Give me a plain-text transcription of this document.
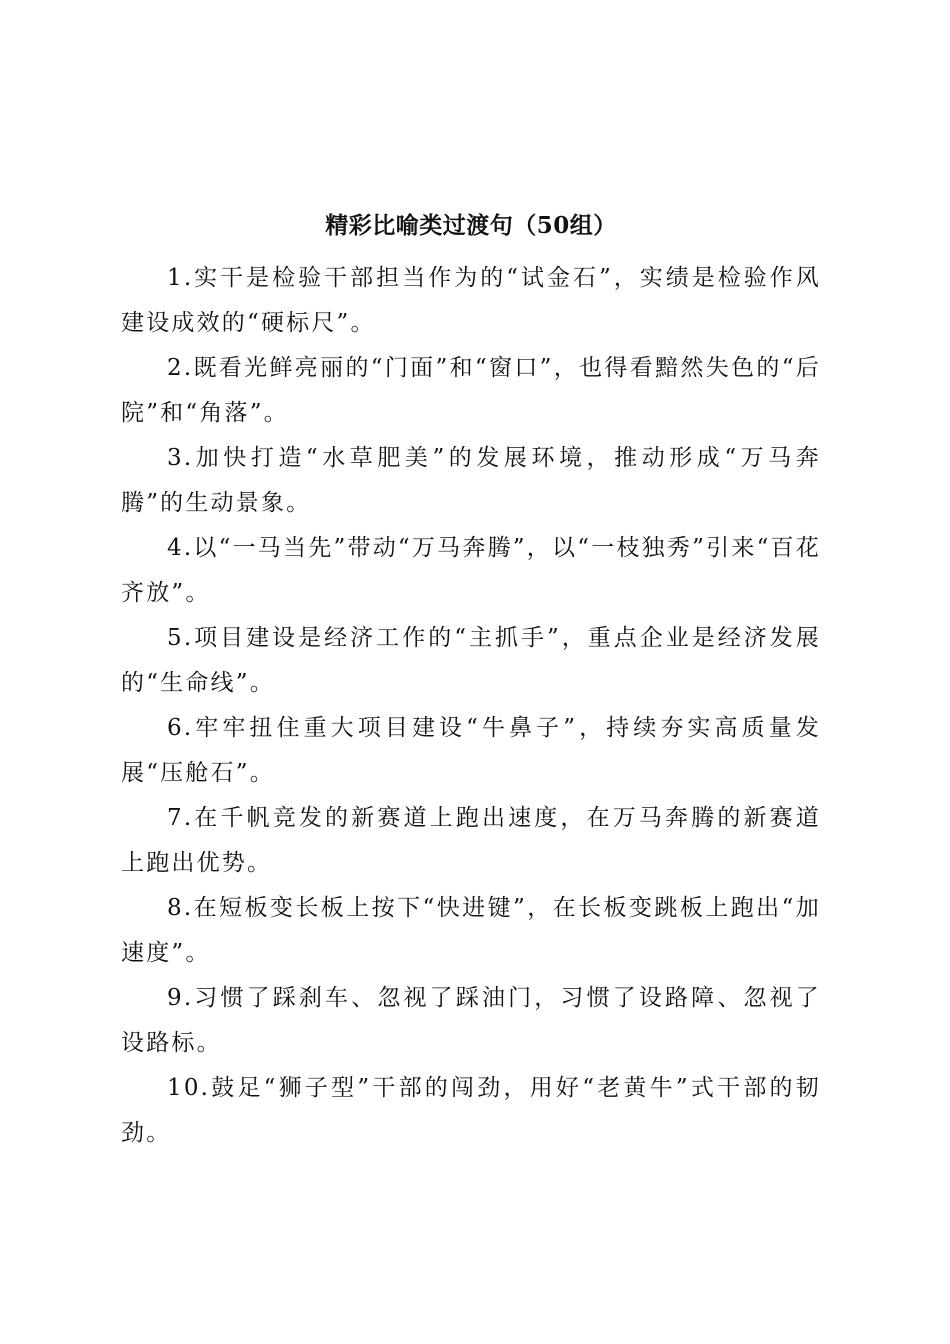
精彩比喻类过渡句（50组）

1.实干是检验干部担当作为的“试金石”，实绩是检验作风建设成效的“硬标尺”。

2.既看光鲜亮丽的“门面”和“窗口”，也得看黯然失色的“后院”和“角落”。

3.加快打造“水草肥美”的发展环境，推动形成“万马奔腾”的生动景象。

4.以“一马当先”带动“万马奔腾”，以“一枝独秀”引来“百花齐放”。

5.项目建设是经济工作的“主抓手”，重点企业是经济发展的“生命线”。

6.牢牢扭住重大项目建设“牛鼻子”，持续夯实高质量发展“压舱石”。

7.在千帆竞发的新赛道上跑出速度，在万马奔腾的新赛道上跑出优势。

8.在短板变长板上按下“快进键”，在长板变跳板上跑出“加速度”。

9.习惯了踩刹车、忽视了踩油门，习惯了设路障、忽视了设路标。

10.鼓足“狮子型”干部的闯劲，用好“老黄牛”式干部的韧劲。
